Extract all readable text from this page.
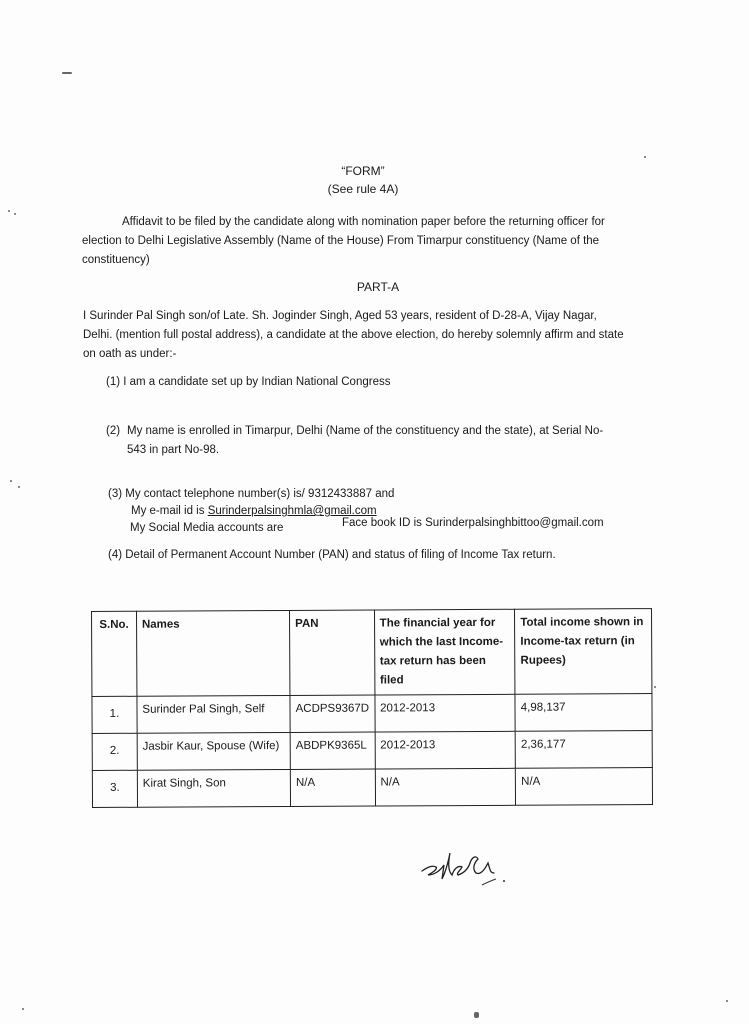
“FORM”
(See rule 4A)
Affidavit to be filed by the candidate along with nomination paper before the returning officer for election to Delhi Legislative Assembly (Name of the House) From Timarpur constituency (Name of the constituency)
PART-A
I Surinder Pal Singh son/of Late. Sh. Joginder Singh, Aged 53 years, resident of D-28-A, Vijay Nagar, Delhi. (mention full postal address), a candidate at the above election, do hereby solemnly affirm and state on oath as under:-
(1) I am a candidate set up by Indian National Congress
(2) My name is enrolled in Timarpur, Delhi (Name of the constituency and the state), at Serial No-
543 in part No-98.
(3) My contact telephone number(s) is/ 9312433887 and
My e-mail id is Surinderpalsinghmla@gmail.com
My Social Media accounts are	Face book ID is Surinderpalsinghbittoo@gmail.com
(4) Detail of Permanent Account Number (PAN) and status of filing of Income Tax return.
S.No.	Names	PAN	The financial year for which the last Income-tax return has been filed	Total income shown in Income-tax return (in Rupees)
1.	Surinder Pal Singh, Self	ACDPS9367D	2012-2013	4,98,137
2.	Jasbir Kaur, Spouse (Wife)	ABDPK9365L	2012-2013	2,36,177
3.	Kirat Singh, Son	N/A	N/A	N/A
